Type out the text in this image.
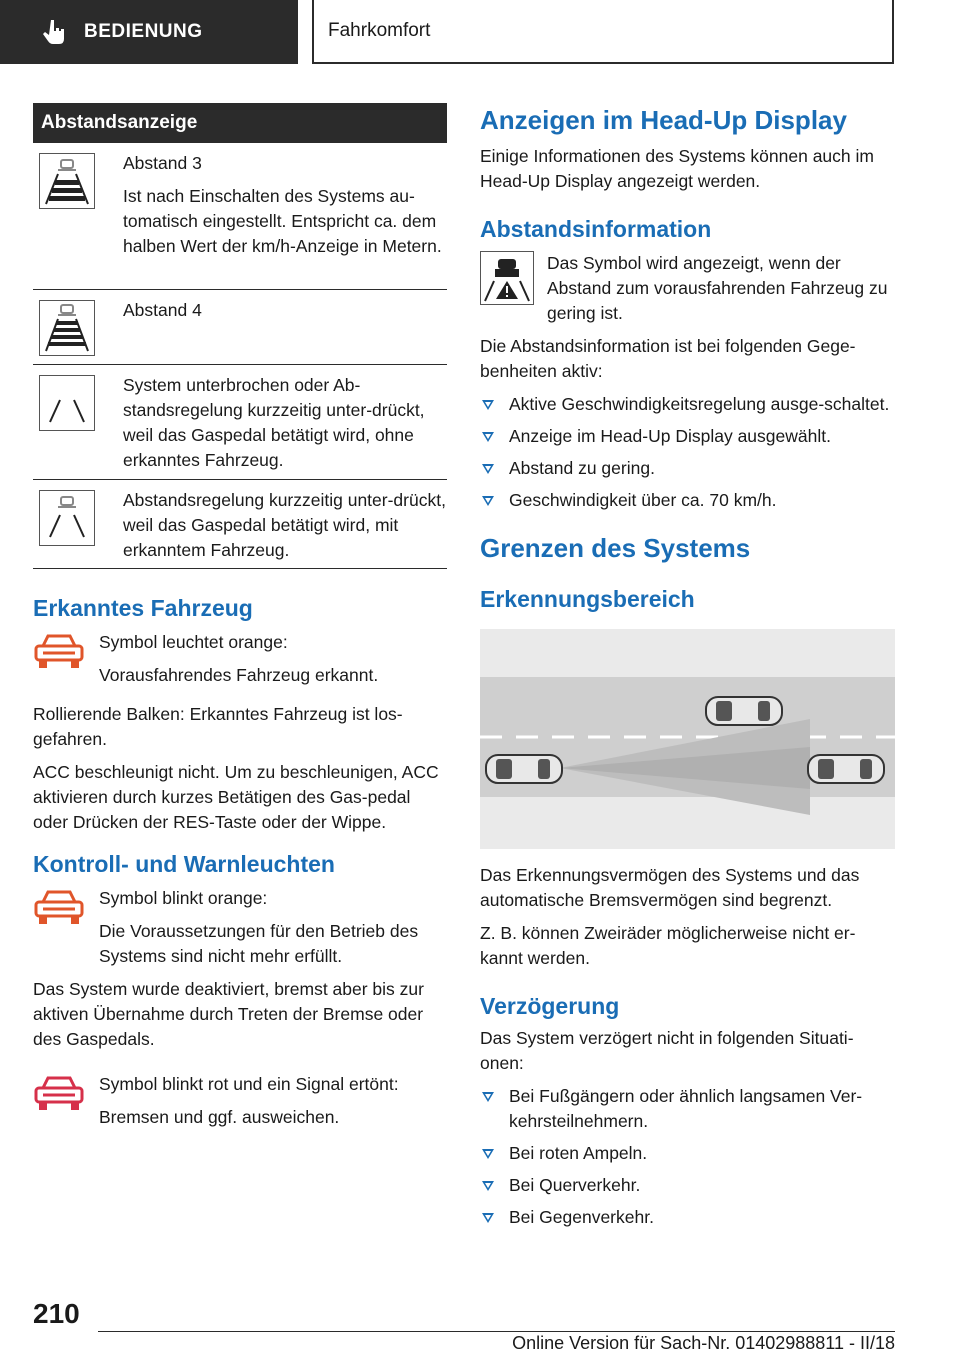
BEDIENUNG	Fahrkomfort
Abstandsanzeige

Abstand 3

Ist nach Einschalten des Systems au-tomatisch eingestellt. Entspricht ca. dem halben Wert der km/h-Anzeige in Metern.

Abstand 4

System unterbrochen oder Ab-standsregelung kurzzeitig unter-drückt, weil das Gaspedal betätigt wird, ohne erkanntes Fahrzeug.

Abstandsregelung kurzzeitig unter-drückt, weil das Gaspedal betätigt wird, mit erkanntem Fahrzeug.

Erkanntes Fahrzeug

Symbol leuchtet orange:

Vorausfahrendes Fahrzeug erkannt.

Rollierende Balken: Erkanntes Fahrzeug ist los-gefahren.

ACC beschleunigt nicht. Um zu beschleunigen, ACC aktivieren durch kurzes Betätigen des Gas-pedal oder Drücken der RES-Taste oder der Wippe.

Kontroll- und Warnleuchten

Symbol blinkt orange:

Die Voraussetzungen für den Betrieb des Systems sind nicht mehr erfüllt.

Das System wurde deaktiviert, bremst aber bis zur aktiven Übernahme durch Treten der Bremse oder des Gaspedals.

Symbol blinkt rot und ein Signal ertönt:

Bremsen und ggf. ausweichen.

Anzeigen im Head-Up Display

Einige Informationen des Systems können auch im Head-Up Display angezeigt werden.

Abstandsinformation

Das Symbol wird angezeigt, wenn der Abstand zum vorausfahrenden Fahrzeug zu gering ist.

Die Abstandsinformation ist bei folgenden Gege-benheiten aktiv:

Aktive Geschwindigkeitsregelung ausge-schaltet.
Anzeige im Head-Up Display ausgewählt.
Abstand zu gering.
Geschwindigkeit über ca. 70 km/h.
Grenzen des Systems
Erkennungsbereich

Das Erkennungsvermögen des Systems und das automatische Bremsvermögen sind begrenzt.

Z. B. können Zweiräder möglicherweise nicht er-kannt werden.

Verzögerung

Das System verzögert nicht in folgenden Situati-onen:

Bei Fußgängern oder ähnlich langsamen Ver-kehrsteilnehmern.
Bei roten Ampeln.
Bei Querverkehr.
Bei Gegenverkehr.
210
Online Version für Sach-Nr. 01402988811 - II/18
